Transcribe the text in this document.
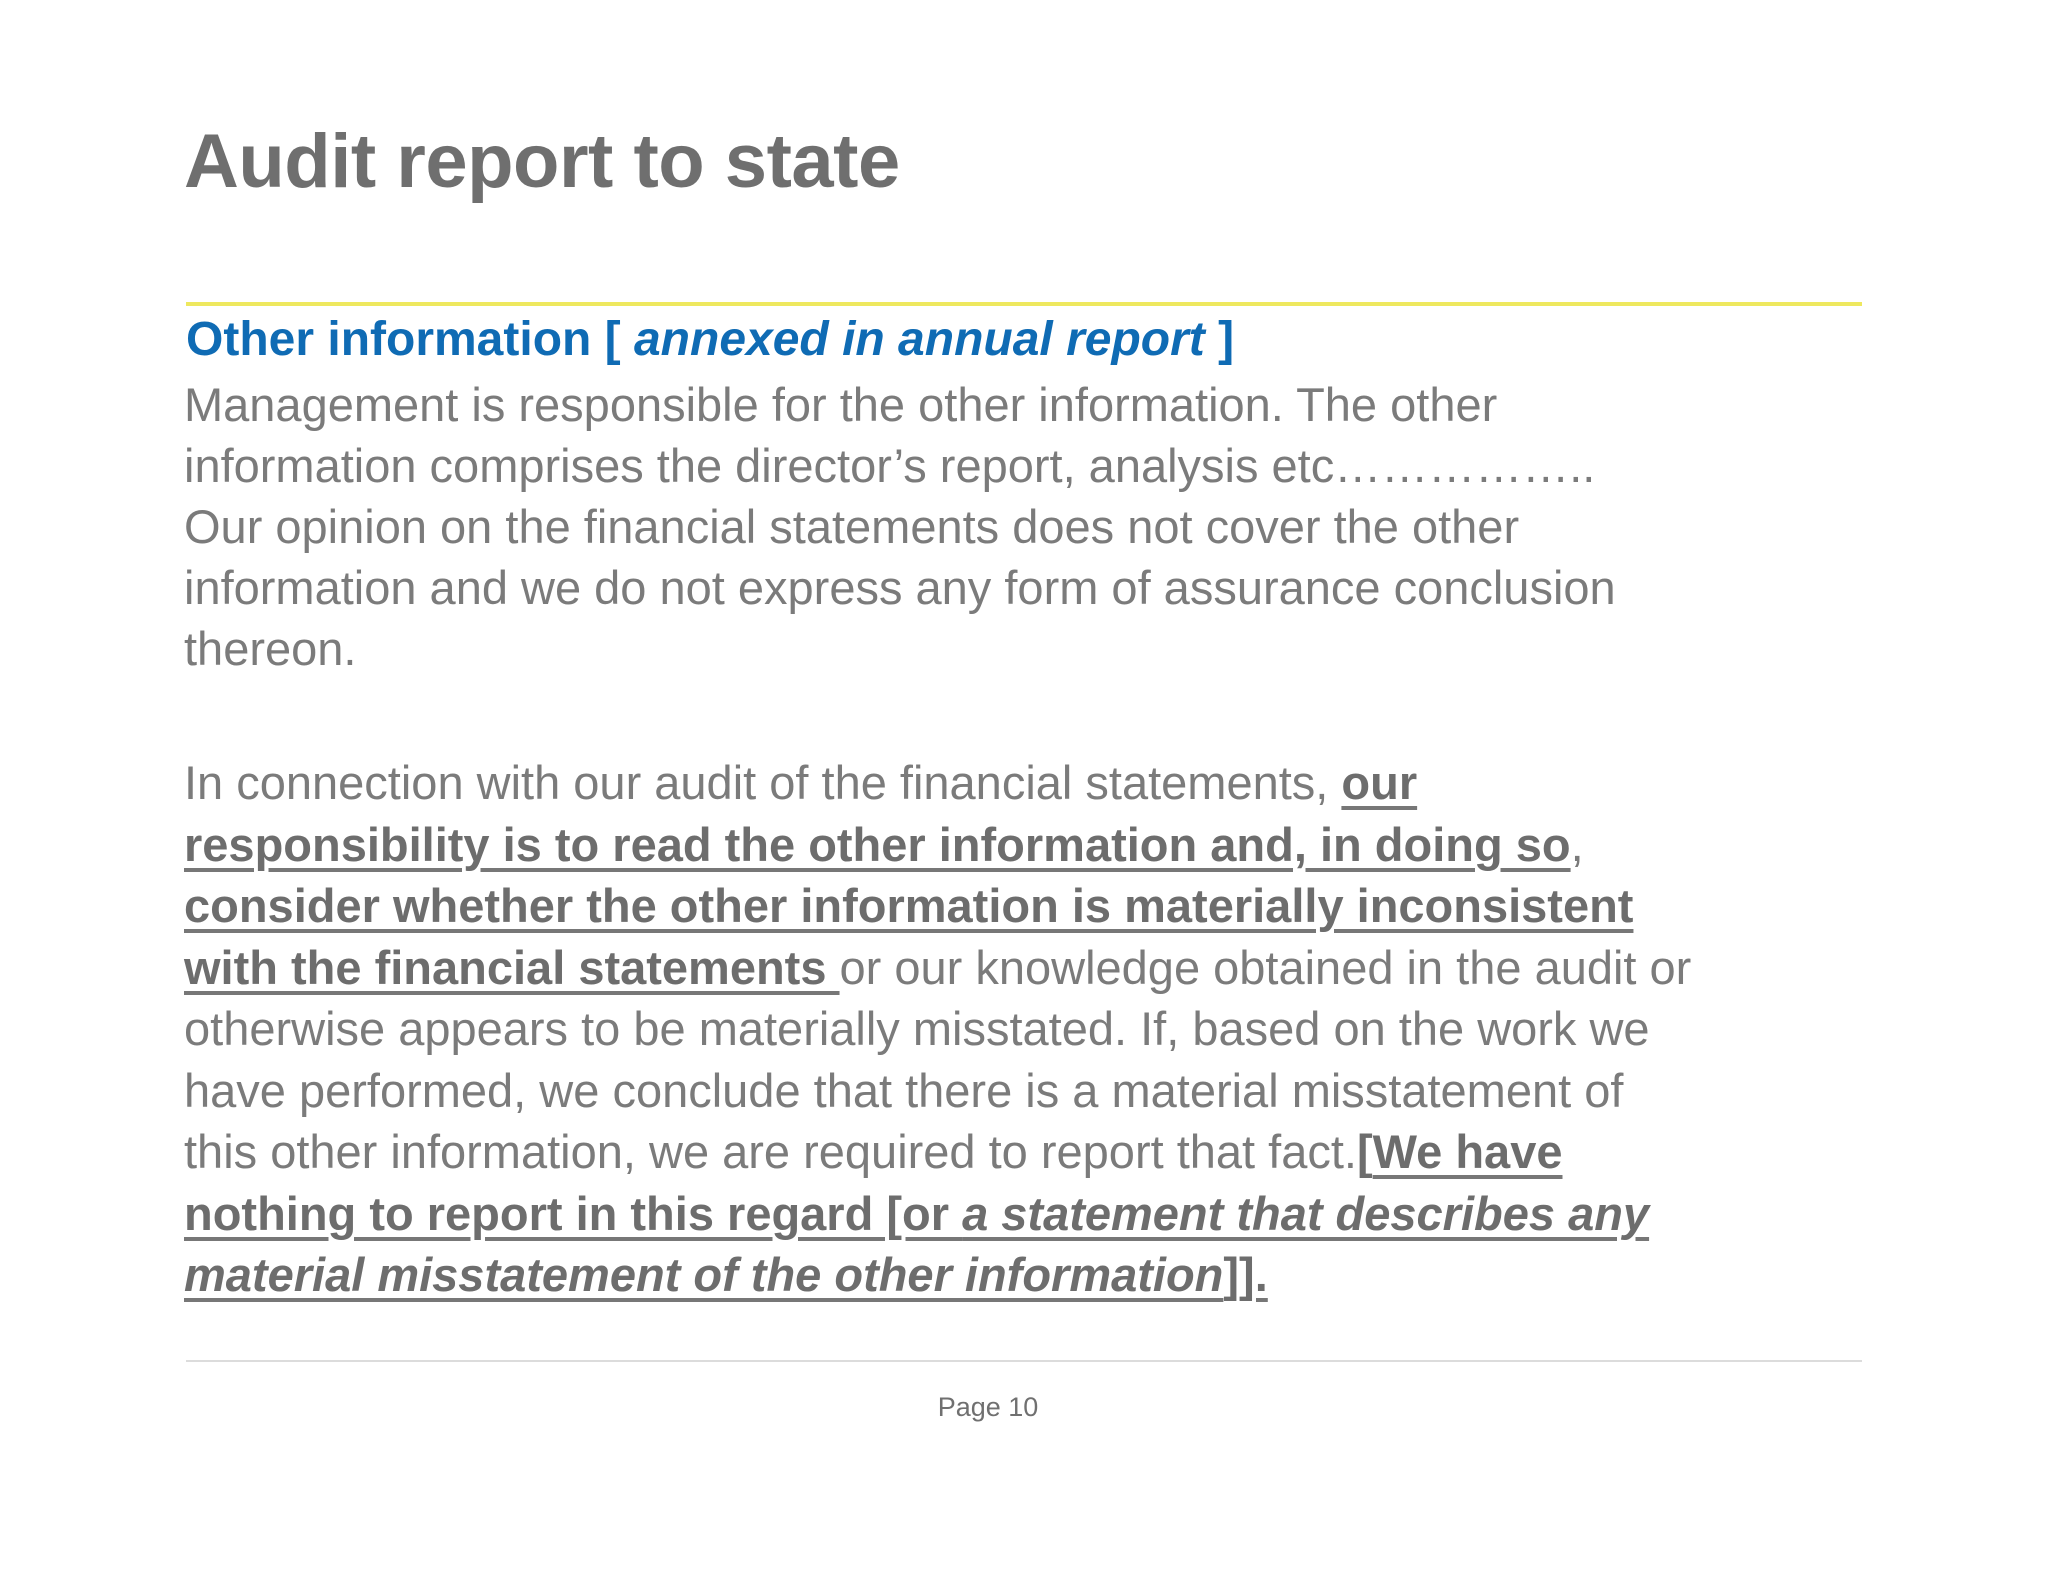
Audit report to state
Other information [ annexed in annual report ]
Management is responsible for the other information. The other
information comprises the director’s report, analysis etc……………..
Our opinion on the financial statements does not cover the other
information and we do not express any form of assurance conclusion
thereon.
In connection with our audit of the financial statements, our
responsibility is to read the other information and, in doing so,
consider whether the other information is materially inconsistent
with the financial statements or our knowledge obtained in the audit or
otherwise appears to be materially misstated. If, based on the work we
have performed, we conclude that there is a material misstatement of
this other information, we are required to report that fact.[We have
nothing to report in this regard [or a statement that describes any
material misstatement of the other information]].
Page 10
